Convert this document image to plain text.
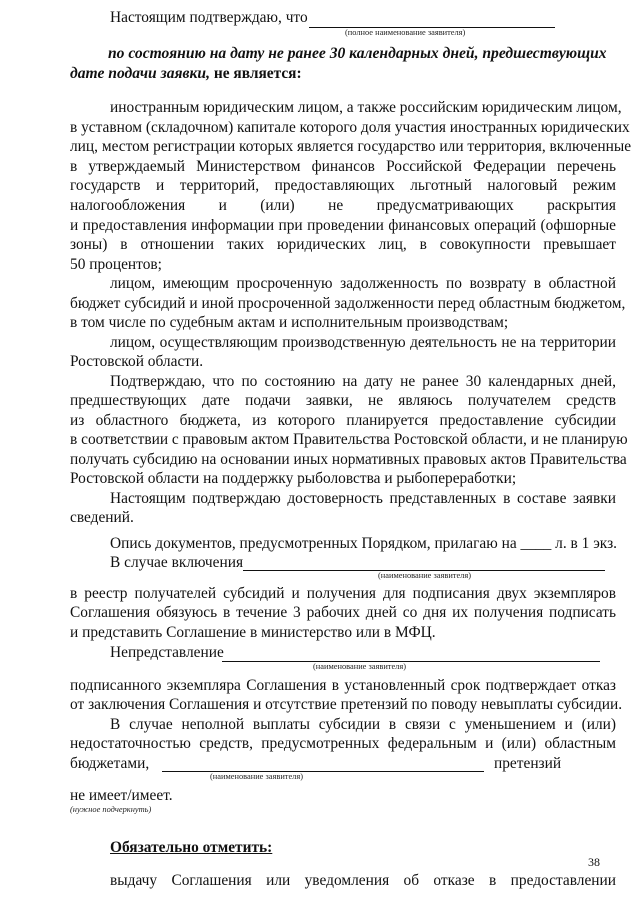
Настоящим подтверждаю, что
(полное наименование заявителя)
по состоянию на дату не ранее 30 календарных дней, предшествующих
дате подачи заявки, не является:
иностранным юридическим лицом, а также российским юридическим лицом,
в уставном (складочном) капитале которого доля участия иностранных юридических
лиц, местом регистрации которых является государство или территория, включенные
в утверждаемый Министерством финансов Российской Федерации перечень
государств и территорий, предоставляющих льготный налоговый режим
налогообложения и (или) не предусматривающих раскрытия
и предоставления информации при проведении финансовых операций (офшорные
зоны) в отношении таких юридических лиц, в совокупности превышает
50 процентов;
лицом, имеющим просроченную задолженность по возврату в областной
бюджет субсидий и иной просроченной задолженности перед областным бюджетом,
в том числе по судебным актам и исполнительным производствам;
лицом, осуществляющим производственную деятельность не на территории
Ростовской области.
Подтверждаю, что по состоянию на дату не ранее 30 календарных дней,
предшествующих дате подачи заявки, не являюсь получателем средств
из областного бюджета, из которого планируется предоставление субсидии
в соответствии с правовым актом Правительства Ростовской области, и не планирую
получать субсидию на основании иных нормативных правовых актов Правительства
Ростовской области на поддержку рыболовства и рыбопереработки;
Настоящим подтверждаю достоверность представленных в составе заявки
сведений.
Опись документов, предусмотренных Порядком, прилагаю на ____ л. в 1 экз.
В случае включения
(наименование заявителя)
в реестр получателей субсидий и получения для подписания двух экземпляров
Соглашения обязуюсь в течение 3 рабочих дней со дня их получения подписать
и представить Соглашение в министерство или в МФЦ.
Непредставление
(наименование заявителя)
подписанного экземпляра Соглашения в установленный срок подтверждает отказ
от заключения Соглашения и отсутствие претензий по поводу невыплаты субсидии.
В случае неполной выплаты субсидии в связи с уменьшением и (или)
недостаточностью средств, предусмотренных федеральным и (или) областным
бюджетами,	претензий
(наименование заявителя)
не имеет/имеет.
(нужное подчеркнуть)
Обязательно отметить:
выдачу Соглашения или уведомления об отказе в предоставлении
38
